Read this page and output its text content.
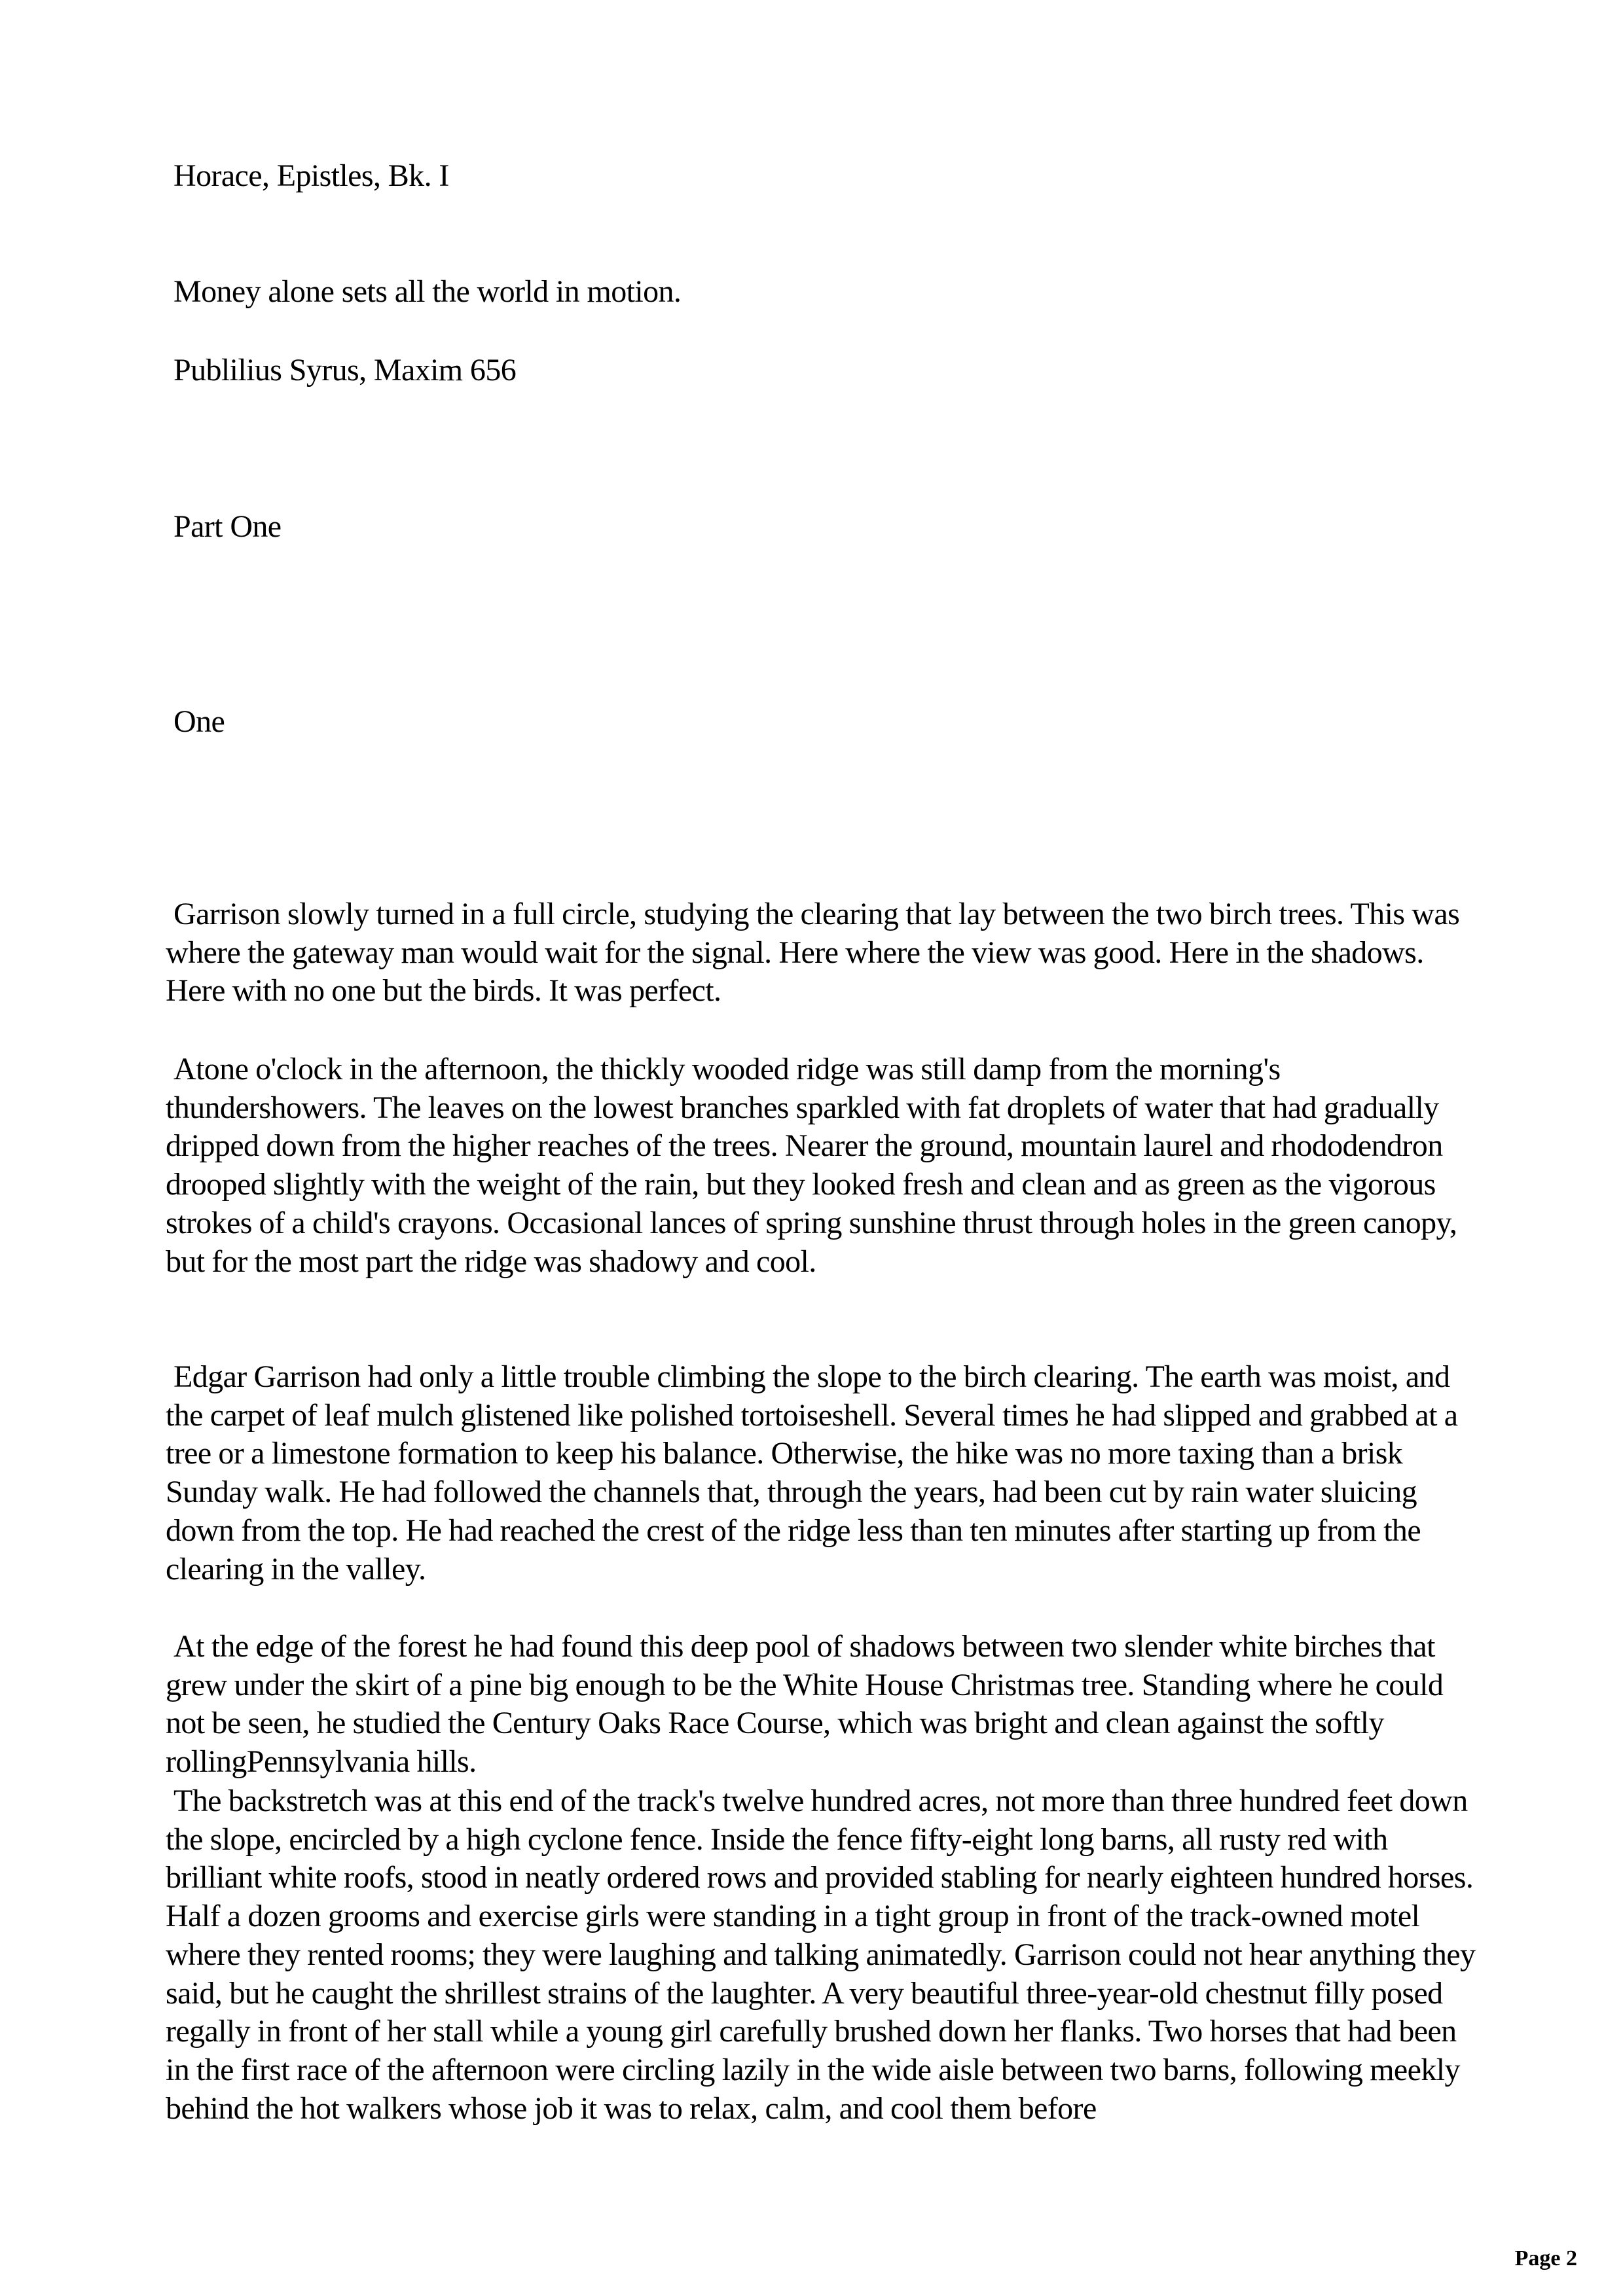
Horace, Epistles, Bk. I

Money alone sets all the world in motion.

Publilius Syrus, Maxim 656

Part One

One

Garrison slowly turned in a full circle, studying the clearing that lay between the two birch trees. This was where the gateway man would wait for the signal. Here where the view was good. Here in the shadows. Here with no one but the birds. It was perfect.

Atone o'clock in the afternoon, the thickly wooded ridge was still damp from the morning's thundershowers. The leaves on the lowest branches sparkled with fat droplets of water that had gradually dripped down from the higher reaches of the trees. Nearer the ground, mountain laurel and rhododendron drooped slightly with the weight of the rain, but they looked fresh and clean and as green as the vigorous strokes of a child's crayons. Occasional lances of spring sunshine thrust through holes in the green canopy, but for the most part the ridge was shadowy and cool.

Edgar Garrison had only a little trouble climbing the slope to the birch clearing. The earth was moist, and the carpet of leaf mulch glistened like polished tortoiseshell. Several times he had slipped and grabbed at a tree or a limestone formation to keep his balance. Otherwise, the hike was no more taxing than a brisk Sunday walk. He had followed the channels that, through the years, had been cut by rain water sluicing down from the top. He had reached the crest of the ridge less than ten minutes after starting up from the clearing in the valley.

At the edge of the forest he had found this deep pool of shadows between two slender white birches that grew under the skirt of a pine big enough to be the White House Christmas tree. Standing where he could not be seen, he studied the Century Oaks Race Course, which was bright and clean against the softly rollingPennsylvania hills.

The backstretch was at this end of the track's twelve hundred acres, not more than three hundred feet down the slope, encircled by a high cyclone fence. Inside the fence fifty-eight long barns, all rusty red with brilliant white roofs, stood in neatly ordered rows and provided stabling for nearly eighteen hundred horses. Half a dozen grooms and exercise girls were standing in a tight group in front of the track-owned motel where they rented rooms; they were laughing and talking animatedly. Garrison could not hear anything they said, but he caught the shrillest strains of the laughter. A very beautiful three-year-old chestnut filly posed regally in front of her stall while a young girl carefully brushed down her flanks. Two horses that had been in the first race of the afternoon were circling lazily in the wide aisle between two barns, following meekly behind the hot walkers whose job it was to relax, calm, and cool them before

Page 2
